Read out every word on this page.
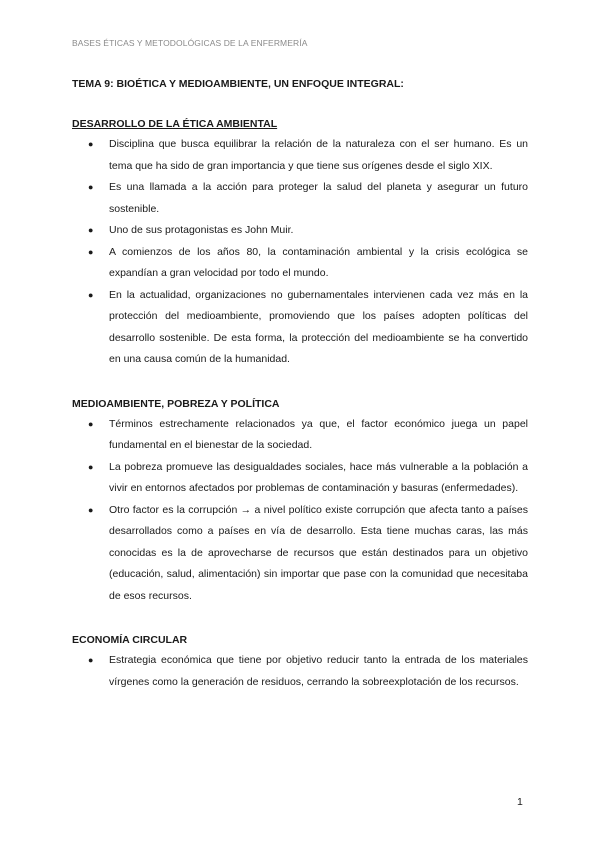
BASES ÉTICAS Y METODOLÓGICAS DE LA ENFERMERÍA

TEMA 9: BIOÉTICA Y MEDIOAMBIENTE, UN ENFOQUE INTEGRAL:

DESARROLLO DE LA ÉTICA AMBIENTAL

● Disciplina que busca equilibrar la relación de la naturaleza con el ser humano. Es un tema que ha sido de gran importancia y que tiene sus orígenes desde el siglo XIX.
● Es una llamada a la acción para proteger la salud del planeta y asegurar un futuro sostenible.
● Uno de sus protagonistas es John Muir.
● A comienzos de los años 80, la contaminación ambiental y la crisis ecológica se expandían a gran velocidad por todo el mundo.
● En la actualidad, organizaciones no gubernamentales intervienen cada vez más en la protección del medioambiente, promoviendo que los países adopten políticas del desarrollo sostenible. De esta forma, la protección del medioambiente se ha convertido en una causa común de la humanidad.

MEDIOAMBIENTE, POBREZA Y POLÍTICA

● Términos estrechamente relacionados ya que, el factor económico juega un papel fundamental en el bienestar de la sociedad.
● La pobreza promueve las desigualdades sociales, hace más vulnerable a la población a vivir en entornos afectados por problemas de contaminación y basuras (enfermedades).
● Otro factor es la corrupción → a nivel político existe corrupción que afecta tanto a países desarrollados como a países en vía de desarrollo. Esta tiene muchas caras, las más conocidas es la de aprovecharse de recursos que están destinados para un objetivo (educación, salud, alimentación) sin importar que pase con la comunidad que necesitaba de esos recursos.

ECONOMÍA CIRCULAR

● Estrategia económica que tiene por objetivo reducir tanto la entrada de los materiales vírgenes como la generación de residuos, cerrando la sobreexplotación de los recursos.
1
